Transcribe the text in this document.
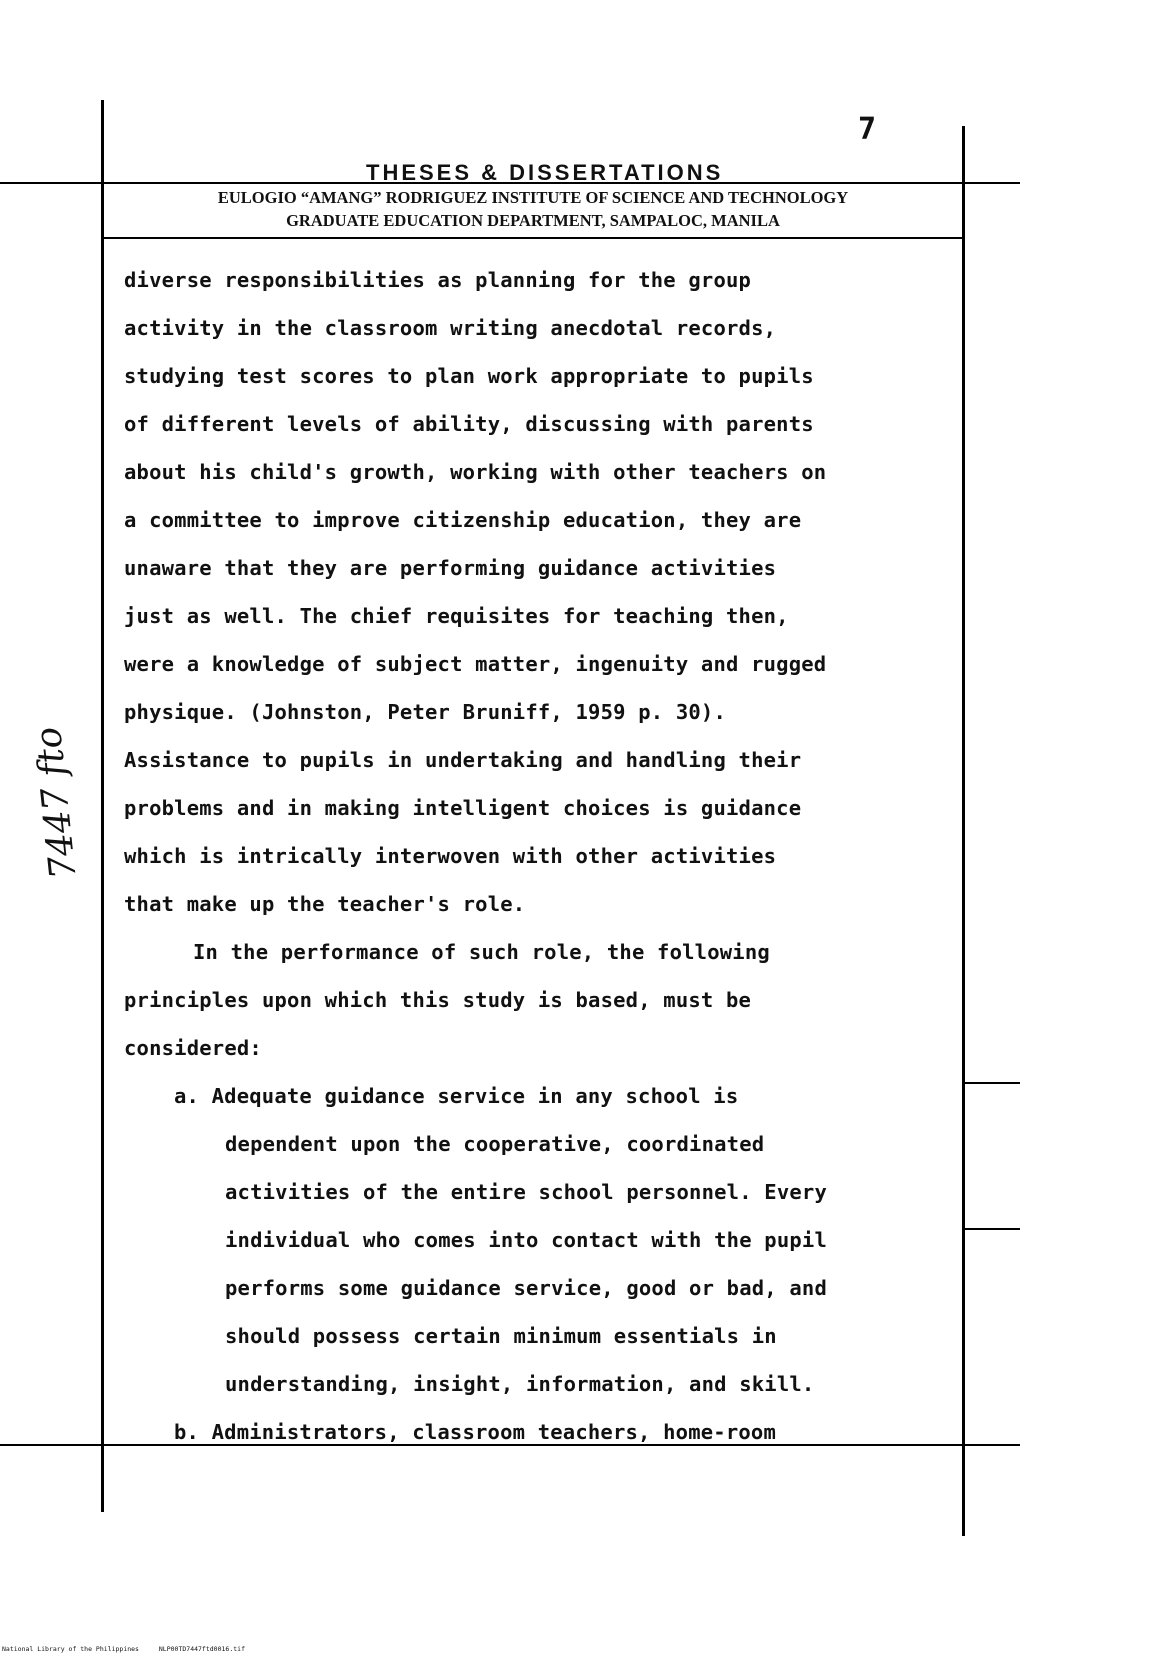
7
THESES & DISSERTATIONS
EULOGIO “AMANG” RODRIGUEZ INSTITUTE OF SCIENCE AND TECHNOLOGY
GRADUATE EDUCATION DEPARTMENT, SAMPALOC, MANILA
diverse responsibilities as planning for the group
activity in the classroom writing anecdotal records,
studying test scores to plan work appropriate to pupils
of different levels of ability, discussing with parents
about his child's growth, working with other teachers on
a committee to improve citizenship education, they are
unaware that they are performing guidance activities
just as well. The chief requisites for teaching then,
were a knowledge of subject matter, ingenuity and rugged
physique. (Johnston, Peter Bruniff, 1959 p. 30).
Assistance to pupils in undertaking and handling their
problems and in making intelligent choices is guidance
which is intrically interwoven with other activities
that make up the teacher's role.
In the performance of such role, the following
principles upon which this study is based, must be
considered:
a. Adequate guidance service in any school is
dependent upon the cooperative, coordinated
activities of the entire school personnel. Every
individual who comes into contact with the pupil
performs some guidance service, good or bad, and
should possess certain minimum essentials in
understanding, insight, information, and skill.
b. Administrators, classroom teachers, home-room
7447 fto
National Library of the Philippines	NLP00TD7447ftd0016.tif
